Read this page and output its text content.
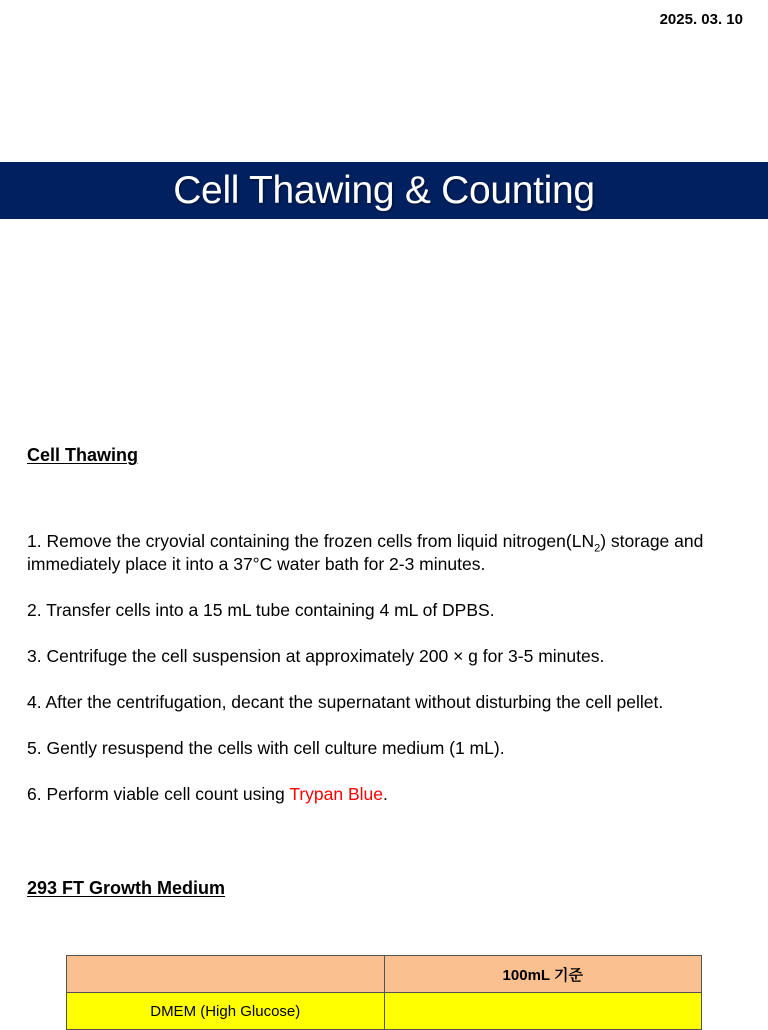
2025. 03. 10
Cell Thawing & Counting
Cell Thawing
1. Remove the cryovial containing the frozen cells from liquid $nitrogen(LN_2)$ storage and immediately place it into a 37°C water bath for 2-3 minutes.
2. Transfer cells into a 15 mL tube containing 4 mL of DPBS.
3. Centrifuge the cell suspension at approximately 200 × g for 3-5 minutes.
4. After the centrifugation, decant the supernatant without disturbing the cell pellet.
5. Gently resuspend the cells with cell culture medium (1 mL).
6. Perform viable cell count using Trypan Blue.
293 FT Growth Medium
	100mL 기준
DMEM (High Glucose)	
